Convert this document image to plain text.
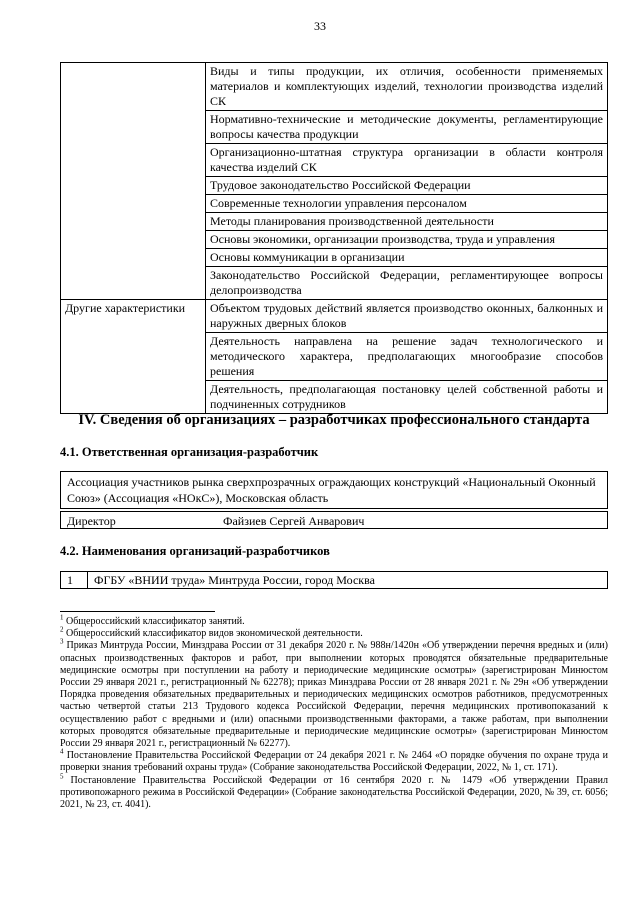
33
	Виды и типы продукции, их отличия, особенности применяемых материалов и комплектующих изделий, технологии производства изделий СК
	Нормативно-технические и методические документы, регламентирующие вопросы качества продукции
	Организационно-штатная структура организации в области контроля качества изделий СК
	Трудовое законодательство Российской Федерации
	Современные технологии управления персоналом
	Методы планирования производственной деятельности
	Основы экономики, организации производства, труда и управления
	Основы коммуникации в организации
	Законодательство Российской Федерации, регламентирующее вопросы делопроизводства
Другие характеристики	Объектом трудовых действий является производство оконных, балконных и наружных дверных блоков
	Деятельность направлена на решение задач технологического и методического характера, предполагающих многообразие способов решения
	Деятельность, предполагающая постановку целей собственной работы и подчиненных сотрудников
IV. Сведения об организациях – разработчиках профессионального стандарта
4.1. Ответственная организация-разработчик
Ассоциация участников рынка сверхпрозрачных ограждающих конструкций «Национальный Оконный Союз» (Ассоциация «НОкС»), Московская область
Директор	Файзиев Сергей Анварович
4.2. Наименования организаций-разработчиков
1	ФГБУ «ВНИИ труда» Минтруда России, город Москва

$^1$ Общероссийский классификатор занятий.

$^2$ Общероссийский классификатор видов экономической деятельности.

$^3$ Приказ Минтруда России, Минздрава России от 31 декабря 2020 г. № 988н/1420н «Об утверждении перечня вредных и (или) опасных производственных факторов и работ, при выполнении которых проводятся обязательные предварительные медицинские осмотры при поступлении на работу и периодические медицинские осмотры» (зарегистрирован Минюстом России 29 января 2021 г., регистрационный № 62278); приказ Минздрава России от 28 января 2021 г. № 29н «Об утверждении Порядка проведения обязательных предварительных и периодических медицинских осмотров работников, предусмотренных частью четвертой статьи 213 Трудового кодекса Российской Федерации, перечня медицинских противопоказаний к осуществлению работ с вредными и (или) опасными производственными факторами, а также работам, при выполнении которых проводятся обязательные предварительные и периодические медицинские осмотры» (зарегистрирован Минюстом России 29 января 2021 г., регистрационный № 62277).

$^4$ Постановление Правительства Российской Федерации от 24 декабря 2021 г. № 2464 «О порядке обучения по охране труда и проверки знания требований охраны труда» (Собрание законодательства Российской Федерации, 2022, № 1, ст. 171).

$^5$ Постановление Правительства Российской Федерации от 16 сентября 2020 г. № 1479 «Об утверждении Правил противопожарного режима в Российской Федерации» (Собрание законодательства Российской Федерации, 2020, № 39, ст. 6056; 2021, № 23, ст. 4041).
